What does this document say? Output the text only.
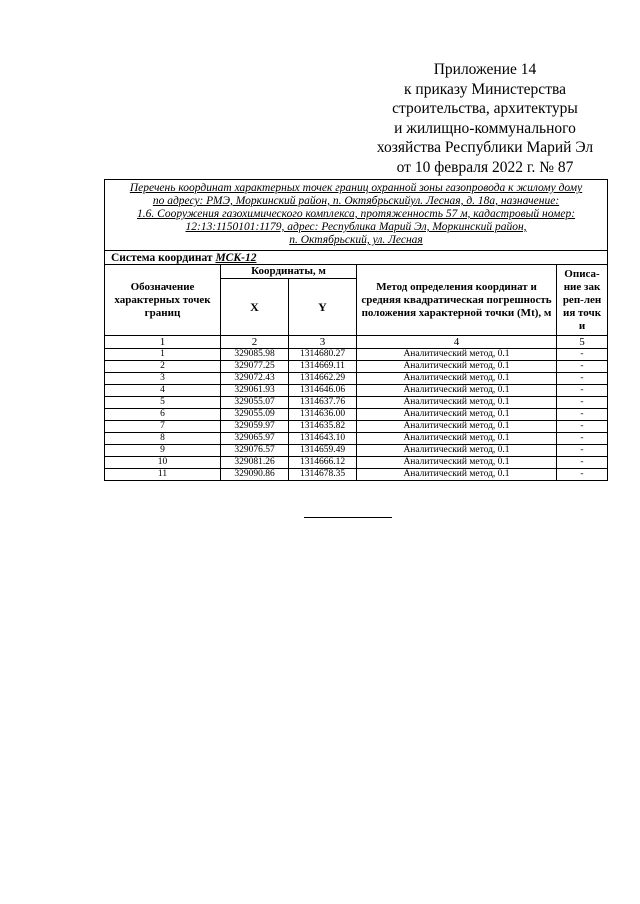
Приложение 14
к приказу Министерства
строительства, архитектуры
и жилищно-коммунального
хозяйства Республики Марий Эл
от 10 февраля 2022 г. № 87
Перечень координат характерных точек границ охранной зоны газопровода к жилому дому
по адресу: РМЭ, Моркинский район, п. Октябрьскийул. Лесная, д. 18а, назначение:
1.6. Сооружения газохимического комплекса, протяженность 57 м, кадастровый номер:
12:13:1150101:1179, адрес: Республика Марий Эл, Моркинский район,
п. Октябрьский, ул. Лесная				

Система координат МСК-12				
Обозначение характерных точек границ	Координаты, м		Метод определения координат и средняя квадратическая погрешность положения характерной точки (Mt), м	Описа-ние закреп-ления точки

	X	Y		
1	2	3	4	5
1	329085.98	1314680.27	Аналитический метод, 0.1	-
2	329077.25	1314669.11	Аналитический метод, 0.1	-
3	329072.43	1314662.29	Аналитический метод, 0.1	-
4	329061.93	1314646.06	Аналитический метод, 0.1	-
5	329055.07	1314637.76	Аналитический метод, 0.1	-
6	329055.09	1314636.00	Аналитический метод, 0.1	-
7	329059.97	1314635.82	Аналитический метод, 0.1	-
8	329065.97	1314643.10	Аналитический метод, 0.1	-
9	329076.57	1314659.49	Аналитический метод, 0.1	-
10	329081.26	1314666.12	Аналитический метод, 0.1	-
11	329090.86	1314678.35	Аналитический метод, 0.1	-
